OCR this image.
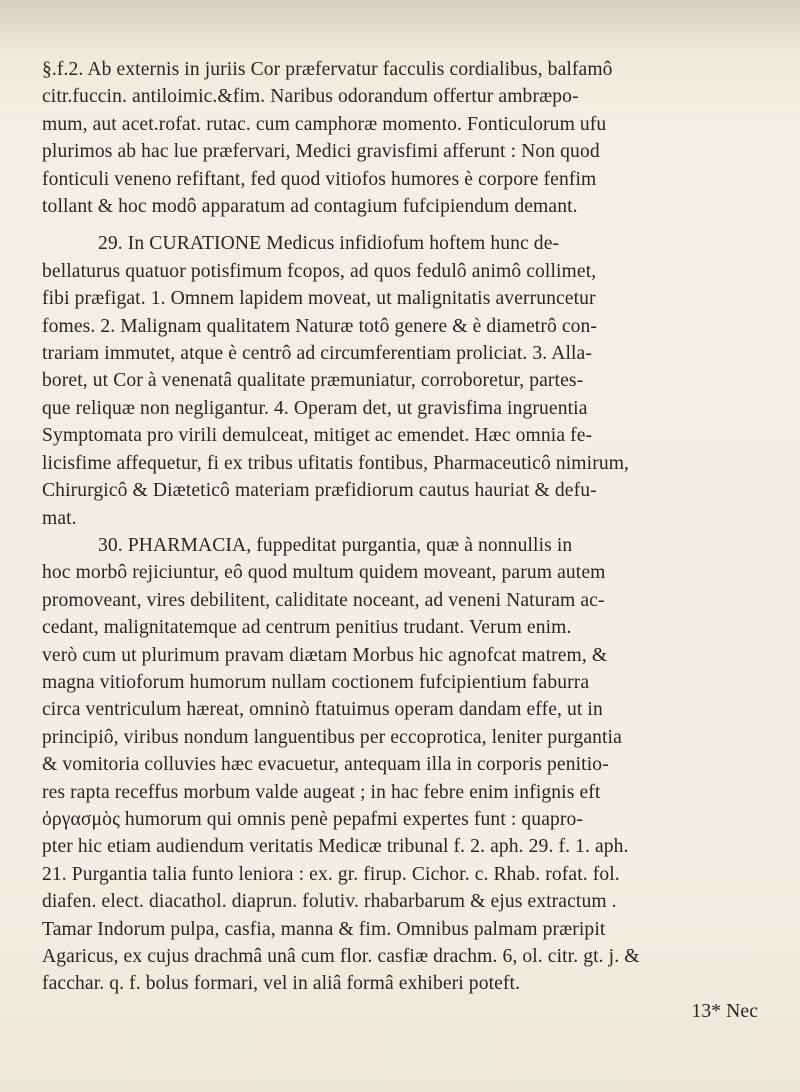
§.f.2. Ab externis in juriis Cor præfervatur facculis cordialibus, balfamô
citr.fuccin. antiloimic.&fim. Naribus odorandum offertur ambræpo-
mum, aut acet.rofat. rutac. cum camphoræ momento. Fonticulorum ufu
plurimos ab hac lue præfervari, Medici gravisfimi afferunt : Non quod
fonticuli veneno refiftant, fed quod vitiofos humores è corpore fenfim
tollant & hoc modô apparatum ad contagium fufcipiendum demant.
29. In CURATIONE Medicus infidiofum hoftem hunc de-
bellaturus quatuor potisfimum fcopos, ad quos fedulô animô collimet,
fibi præfigat. 1. Omnem lapidem moveat, ut malignitatis averruncetur
fomes. 2. Malignam qualitatem Naturæ totô genere & è diametrô con-
trariam immutet, atque è centrô ad circumferentiam proliciat. 3. Alla-
boret, ut Cor à venenatâ qualitate præmuniatur, corroboretur, partes-
que reliquæ non negligantur. 4. Operam det, ut gravisfima ingruentia
Symptomata pro virili demulceat, mitiget ac emendet. Hæc omnia fe-
licisfime affequetur, fi ex tribus ufitatis fontibus, Pharmaceuticô nimirum,
Chirurgicô & Diæteticô materiam præfidiorum cautus hauriat & defu-
mat.
30. PHARMACIA, fuppeditat purgantia, quæ à nonnullis in
hoc morbô rejiciuntur, eô quod multum quidem moveant, parum autem
promoveant, vires debilitent, caliditate noceant, ad veneni Naturam ac-
cedant, malignitatemque ad centrum penitius trudant. Verum enim.
verò cum ut plurimum pravam diætam Morbus hic agnofcat matrem, &
magna vitioforum humorum nullam coctionem fufcipientium faburra
circa ventriculum hæreat, omninò ftatuimus operam dandam effe, ut in
principiô, viribus nondum languentibus per eccoprotica, leniter purgantia
& vomitoria colluvies hæc evacuetur, antequam illa in corporis penitio-
res rapta receffus morbum valde augeat ; in hac febre enim infignis eft
ὀργασμὸς humorum qui omnis penè pepafmi expertes funt : quapro-
pter hic etiam audiendum veritatis Medicæ tribunal f. 2. aph. 29. f. 1. aph.
21. Purgantia talia funto leniora : ex. gr. firup. Cichor. c. Rhab. rofat. fol.
diafen. elect. diacathol. diaprun. folutiv. rhabarbarum & ejus extractum .
Tamar Indorum pulpa, casfia, manna & fim. Omnibus palmam præripit
Agaricus, ex cujus drachmâ unâ cum flor. casfiæ drachm. 6, ol. citr. gt. j. &
facchar. q. f. bolus formari, vel in aliâ formâ exhiberi poteft.
13* Nec
